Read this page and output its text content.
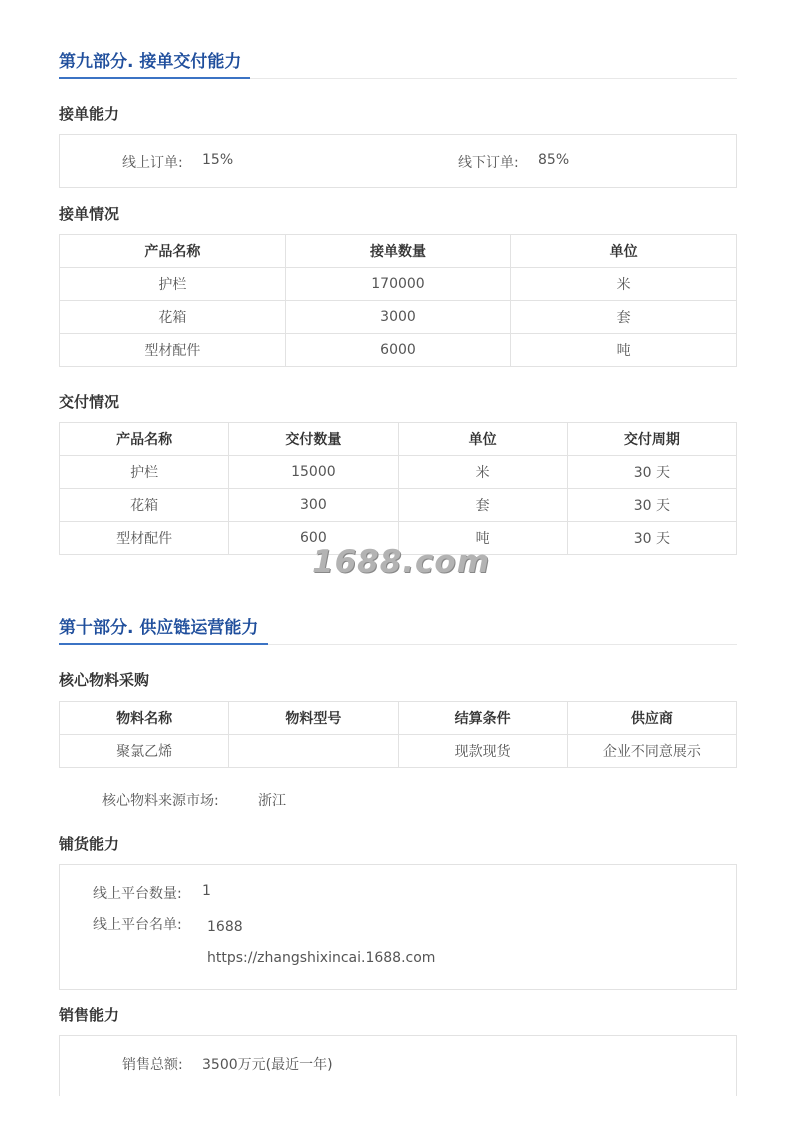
第九部分. 接单交付能力
接单能力
线上订单: 15%	线下订单: 85%
接单情况
产品名称	接单数量	单位
护栏	170000	米
花箱	3000	套
型材配件	6000	吨
交付情况
产品名称	交付数量	单位	交付周期
护栏	15000	米	30 天
花箱	300	套	30 天
型材配件	600	吨	30 天
1688.com
第十部分. 供应链运营能力
核心物料采购
物料名称	物料型号	结算条件	供应商
聚氯乙烯		现款现货	企业不同意展示
核心物料来源市场:	浙江
铺货能力
线上平台数量: 1
线上平台名单: 1688
https://zhangshixincai.1688.com
销售能力
销售总额: 3500万元(最近一年)
